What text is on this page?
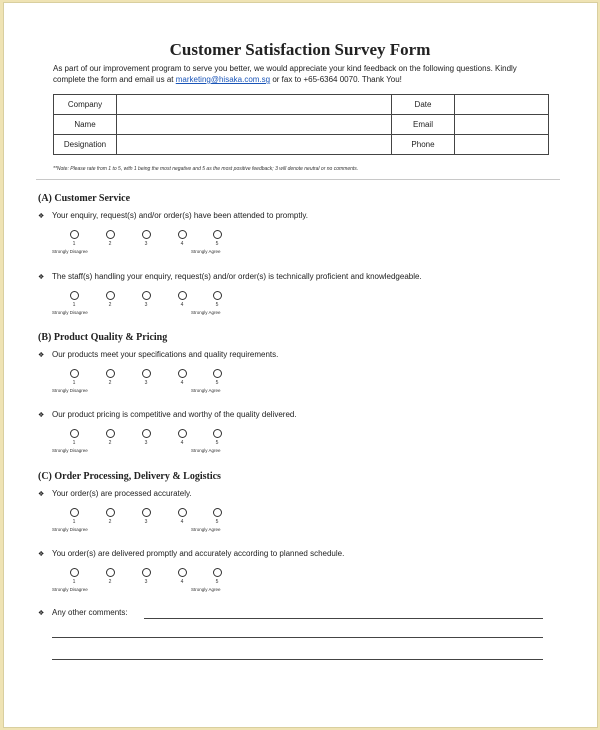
Customer Satisfaction Survey Form
As part of our improvement program to serve you better, we would appreciate your kind feedback on the following questions. Kindly
complete the form and email us at marketing@hisaka.com.sg or fax to +65-6364 0070. Thank You!
Company		Date	
Name		Email	
Designation		Phone	
**Note: Please rate from 1 to 5, with 1 being the most negative and 5 as the most positive feedback; 3 will denote neutral or no comments.
(A) Customer Service
❖ Your enquiry, request(s) and/or order(s) have been attended to promptly.
1	2	3	4	5
Strongly Disagree	Strongly Agree
❖ The staff(s) handling your enquiry, request(s) and/or order(s) is technically proficient and knowledgeable.
1	2	3	4	5
Strongly Disagree	Strongly Agree
(B) Product Quality & Pricing
❖ Our products meet your specifications and quality requirements.
1	2	3	4	5
Strongly Disagree	Strongly Agree
❖ Our product pricing is competitive and worthy of the quality delivered.
1	2	3	4	5
Strongly Disagree	Strongly Agree
(C) Order Processing, Delivery & Logistics
❖ Your order(s) are processed accurately.
1	2	3	4	5
Strongly Disagree	Strongly Agree
❖ You order(s) are delivered promptly and accurately according to planned schedule.
1	2	3	4	5
Strongly Disagree	Strongly Agree
❖ Any other comments:
